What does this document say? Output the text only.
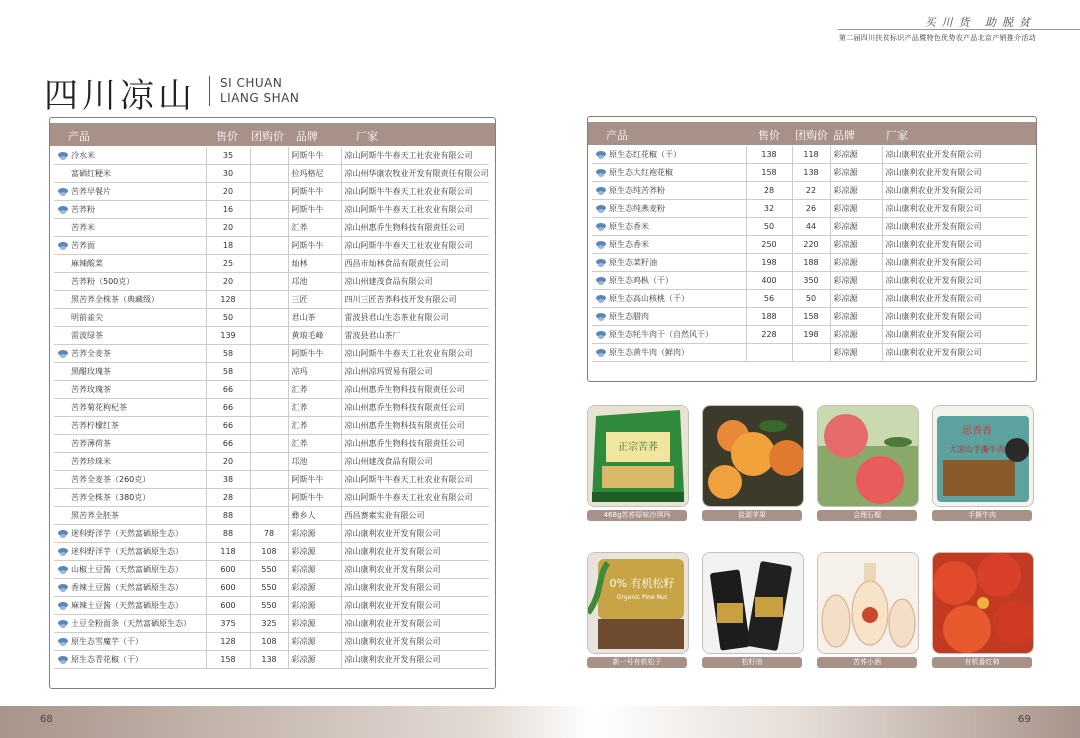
买川货 助脱贫
第二届四川扶贫标识产品暨特色优势农产品北京产销推介活动
四川凉山 SI CHUAN
LIANG SHAN
产品	售价 团购价 品牌	厂家
冷水米	35		阿斯牛牛	凉山阿斯牛牛春天工社农业有限公司
富硒红粳米	30		拉玛格尼	凉山州华康农牧业开发有限责任有限公司

苦荞早餐片	20		阿斯牛牛	凉山阿斯牛牛春天工社农业有限公司

苦荞粉	16		阿斯牛牛	凉山阿斯牛牛春天工社农业有限公司
苦荞米	20		汇荞	凉山州惠乔生物科技有限责任公司

苦荞面	18		阿斯牛牛	凉山阿斯牛牛春天工社农业有限公司
麻辣酸菜	25		灿林	西昌市灿林食品有限责任公司
苦荞粉（500克）	20		邛池	凉山州建茂食品有限公司
黑苦荞全株茶（典藏级）	128		三匠	四川三匠苦荞科技开发有限公司
明前雀尖	50		君山茶	雷波县君山生态茶业有限公司
雷波绿茶	139		黄琅毛峰	雷波县君山茶厂

苦荞全麦茶	58		阿斯牛牛	凉山阿斯牛牛春天工社农业有限公司
黑醋玫瑰茶	58		凉玛	凉山州凉玛贸易有限公司
苦荞玫瑰茶	66		汇荞	凉山州惠乔生物科技有限责任公司
苦荞菊花枸杞茶	66		汇荞	凉山州惠乔生物科技有限责任公司
苦荞柠檬红茶	66		汇荞	凉山州惠乔生物科技有限责任公司
苦荞薄荷茶	66		汇荞	凉山州惠乔生物科技有限责任公司
苦荞珍珠米	20		邛池	凉山州建茂食品有限公司
苦荞全麦茶（260克）	38		阿斯牛牛	凉山阿斯牛牛春天工社农业有限公司
苦荞全株茶（380克）	28		阿斯牛牛	凉山阿斯牛牛春天工社农业有限公司
黑苦荞全胚茶	88		彝乡人	西昌赛素实业有限公司

迷科野洋芋（天然富硒原生态）	88	78	彩凉源	凉山康利农业开发有限公司

迷科野洋芋（天然富硒原生态）	118	108	彩凉源	凉山康利农业开发有限公司

山椒土豆酱（天然富硒原生态）	600	550	彩凉源	凉山康利农业开发有限公司

香辣土豆酱（天然富硒原生态）	600	550	彩凉源	凉山康利农业开发有限公司

麻辣土豆酱（天然富硒原生态）	600	550	彩凉源	凉山康利农业开发有限公司

土豆全粉面条（天然富硒原生态）	375	325	彩凉源	凉山康利农业开发有限公司

原生态雪魔芋（干）	128	108	彩凉源	凉山康利农业开发有限公司

原生态青花椒（干）	158	138	彩凉源	凉山康利农业开发有限公司
产品	售价 团购价 品牌	厂家
原生态红花椒（干）	138	118	彩凉源	凉山康利农业开发有限公司

原生态大红袍花椒	158	138	彩凉源	凉山康利农业开发有限公司

原生态纯苦荞粉	28	22	彩凉源	凉山康利农业开发有限公司

原生态纯燕麦粉	32	26	彩凉源	凉山康利农业开发有限公司

原生态香米	50	44	彩凉源	凉山康利农业开发有限公司

原生态香米	250	220	彩凉源	凉山康利农业开发有限公司

原生态菜籽油	198	188	彩凉源	凉山康利农业开发有限公司

原生态鸡枞（干）	400	350	彩凉源	凉山康利农业开发有限公司

原生态高山核桃（干）	56	50	彩凉源	凉山康利农业开发有限公司

原生态腊肉	188	158	彩凉源	凉山康利农业开发有限公司

原生态牦牛肉干（自然风干）	228	198	彩凉源	凉山康利农业开发有限公司

原生态黄牛肉（鲜肉）			彩凉源	凉山康利农业开发有限公司
正宗苦荞
468g苦荞原味沙琪玛	盐源苹果	会理石榴
思香香
大凉山手撕牛肉
手撕牛肉
0% 有机松籽
Organic Pine Nut
新一号有机松子	松籽油	苦荞小酒	有机番红柿
68	69
